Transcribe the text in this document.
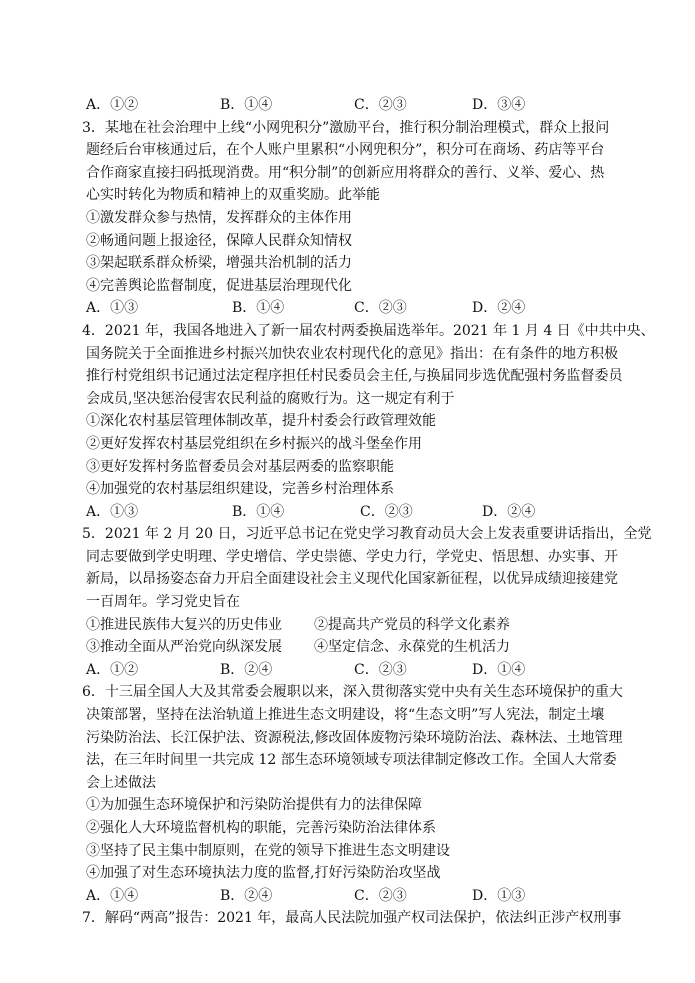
A．①②	B．①④	C．②③	D．③④
3．某地在社会治理中上线“小网兜积分”激励平台，推行积分制治理模式，群众上报问
题经后台审核通过后，在个人账户里累积“小网兜积分”，积分可在商场、药店等平台
合作商家直接扫码抵现消费。用“积分制”的创新应用将群众的善行、义举、爱心、热
心实时转化为物质和精神上的双重奖励。此举能
①激发群众参与热情，发挥群众的主体作用
②畅通问题上报途径，保障人民群众知情权
③架起联系群众桥梁，增强共治机制的活力
④完善舆论监督制度，促进基层治理现代化
A．①③	B．①④	C．②③	D．②④
4．2021 年，我国各地进入了新一届农村两委换届选举年。2021 年 1 月 4 日《中共中央、
国务院关于全面推进乡村振兴加快农业农村现代化的意见》指出：在有条件的地方积极
推行村党组织书记通过法定程序担任村民委员会主任,与换届同步选优配强村务监督委员
会成员,坚决惩治侵害农民利益的腐败行为。这一规定有利于
①深化农村基层管理体制改革，提升村委会行政管理效能
②更好发挥农村基层党组织在乡村振兴的战斗堡垒作用
③更好发挥村务监督委员会对基层两委的监察职能
④加强党的农村基层组织建设，完善乡村治理体系
A．①③	B．①④	C．②③	D．②④
5．2021 年 2 月 20 日，习近平总书记在党史学习教育动员大会上发表重要讲话指出，全党
同志要做到学史明理、学史增信、学史崇德、学史力行，学党史、悟思想、办实事、开
新局，以昂扬姿态奋力开启全面建设社会主义现代化国家新征程，以优异成绩迎接建党
一百周年。学习党史旨在
①推进民族伟大复兴的历史伟业 ②提高共产党员的科学文化素养
③推动全面从严治党向纵深发展 ④坚定信念、永葆党的生机活力
A．①②	B．②④	C．②③	D．①④
6．十三届全国人大及其常委会履职以来，深入贯彻落实党中央有关生态环境保护的重大
决策部署，坚持在法治轨道上推进生态文明建设，将“生态文明”写人宪法，制定土壤
污染防治法、长江保护法、资源税法,修改固体废物污染环境防治法、森林法、土地管理
法，在三年时间里一共完成 12 部生态环境领域专项法律制定修改工作。全国人大常委
会上述做法
①为加强生态环境保护和污染防治提供有力的法律保障
②强化人大环境监督机构的职能，完善污染防治法律体系
③坚持了民主集中制原则，在党的领导下推进生态文明建设
④加强了对生态环境执法力度的监督,打好污染防治攻坚战
A．①④	B．②④	C．②③	D．①③
7．解码“两高”报告：2021 年，最高人民法院加强产权司法保护，依法纠正涉产权刑事
